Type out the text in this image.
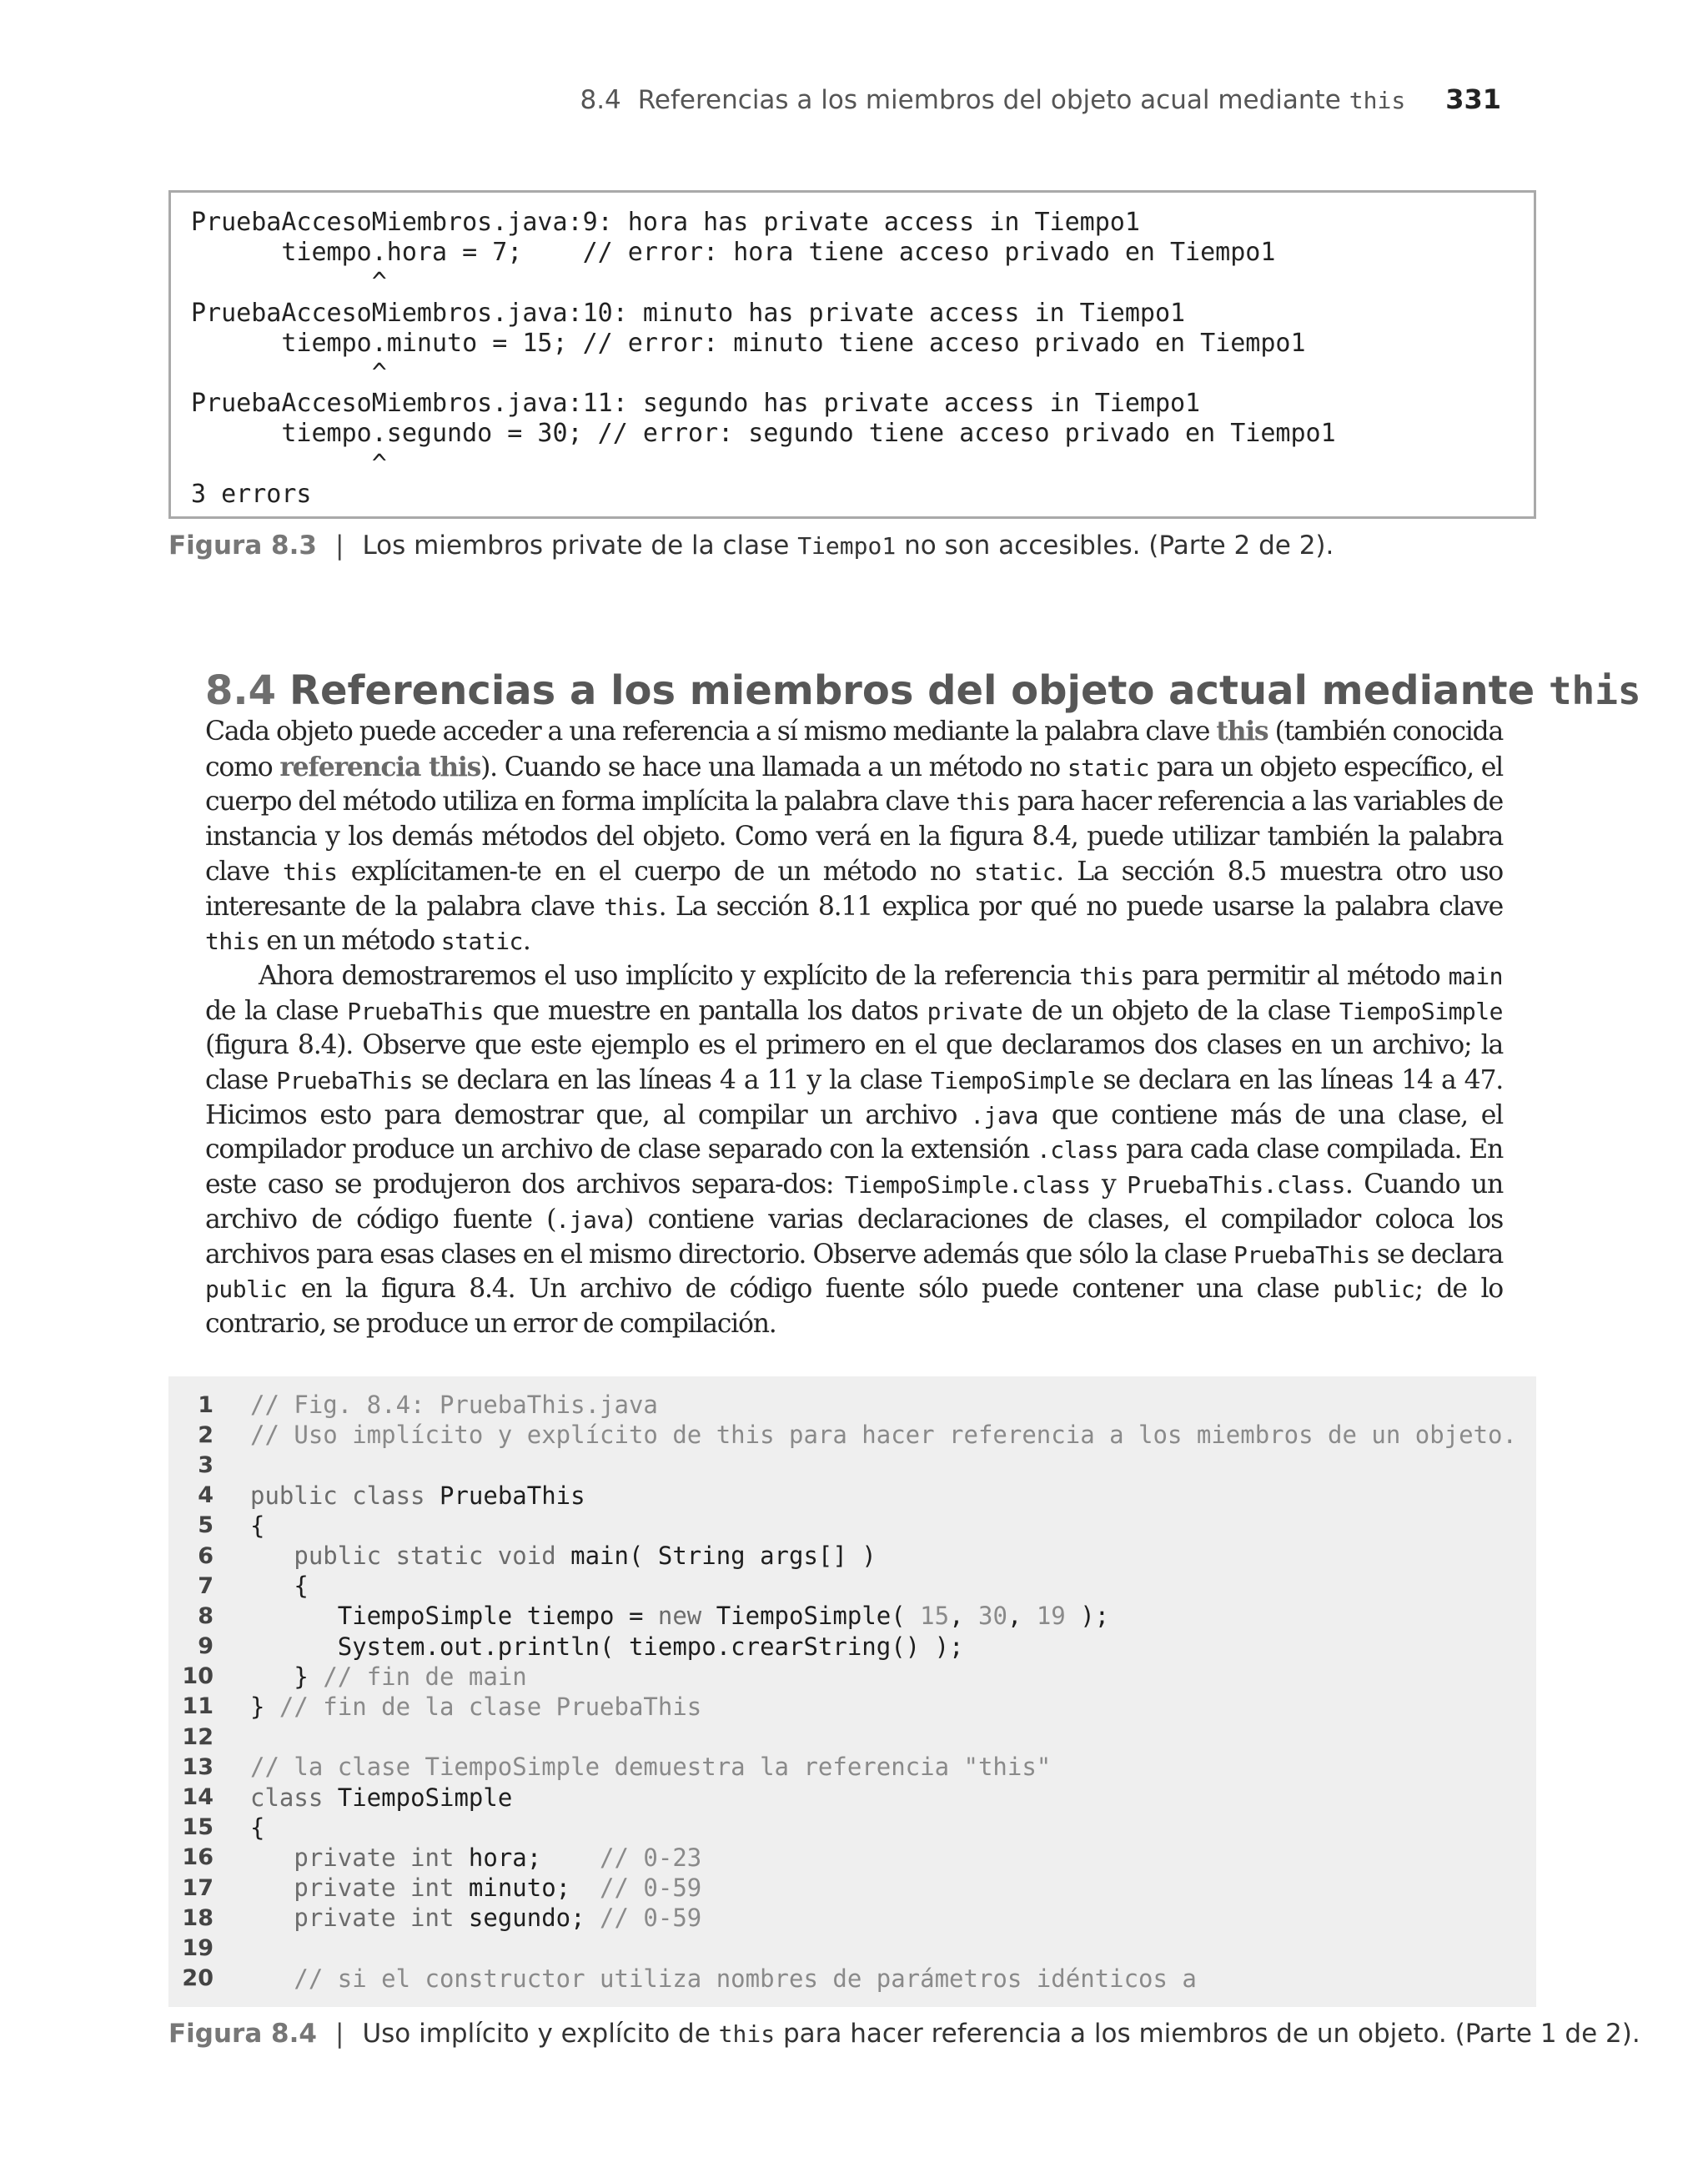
8.4 Referencias a los miembros del objeto acual mediante this 331
PruebaAccesoMiembros.java:9: hora has private access in Tiempo1
tiempo.hora = 7;    // error: hora tiene acceso privado en Tiempo1
^
PruebaAccesoMiembros.java:10: minuto has private access in Tiempo1
tiempo.minuto = 15; // error: minuto tiene acceso privado en Tiempo1
^
PruebaAccesoMiembros.java:11: segundo has private access in Tiempo1
tiempo.segundo = 30; // error: segundo tiene acceso privado en Tiempo1
^
3 errors
Figura 8.3 | Los miembros private de la clase Tiempo1 no son accesibles. (Parte 2 de 2).
8.4 Referencias a los miembros del objeto actual mediante this

Cada objeto puede acceder a una referencia a sí mismo mediante la palabra clave this (también conocida como referencia this). Cuando se hace una llamada a un método no static para un objeto específico, el cuerpo del método utiliza en forma implícita la palabra clave this para hacer referencia a las variables de instancia y los demás métodos del objeto. Como verá en la figura 8.4, puede utilizar también la palabra clave this explícitamen-te en el cuerpo de un método no static. La sección 8.5 muestra otro uso interesante de la palabra clave this. La sección 8.11 explica por qué no puede usarse la palabra clave this en un método static.

Ahora demostraremos el uso implícito y explícito de la referencia this para permitir al método main de la clase PruebaThis que muestre en pantalla los datos private de un objeto de la clase TiempoSimple (figura 8.4). Observe que este ejemplo es el primero en el que declaramos dos clases en un archivo; la clase PruebaThis se declara en las líneas 4 a 11 y la clase TiempoSimple se declara en las líneas 14 a 47. Hicimos esto para demostrar que, al compilar un archivo .java que contiene más de una clase, el compilador produce un archivo de clase separado con la extensión .class para cada clase compilada. En este caso se produjeron dos archivos separa-dos: TiempoSimple.class y PruebaThis.class. Cuando un archivo de código fuente (.java) contiene varias declaraciones de clases, el compilador coloca los archivos para esas clases en el mismo directorio. Observe además que sólo la clase PruebaThis se declara public en la figura 8.4. Un archivo de código fuente sólo puede contener una clase public; de lo contrario, se produce un error de compilación.

1 // Fig. 8.4: PruebaThis.java
2 // Uso implícito y explícito de this para hacer referencia a los miembros de un objeto.
3
4 public class PruebaThis
5 {
6 public static void main( String args[] )
7 {
8 TiempoSimple tiempo = new TiempoSimple( 15, 30, 19 );
9 System.out.println( tiempo.crearString() );
10 } // fin de main
11 } // fin de la clase PruebaThis
12
13 // la clase TiempoSimple demuestra la referencia "this"
14 class TiempoSimple
15 {
16 private int hora;    // 0-23
17 private int minuto;  // 0-59
18 private int segundo; // 0-59
19
20 // si el constructor utiliza nombres de parámetros idénticos a
Figura 8.4 | Uso implícito y explícito de this para hacer referencia a los miembros de un objeto. (Parte 1 de 2).
